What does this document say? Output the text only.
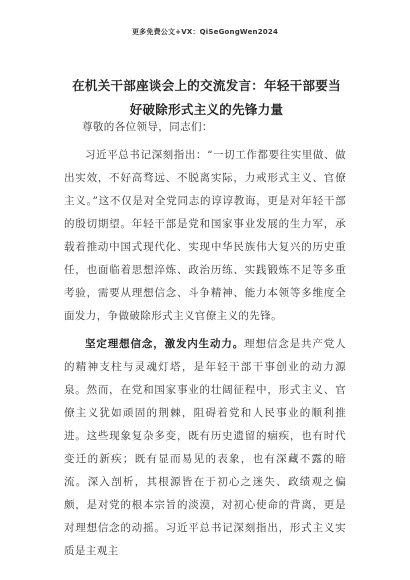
更多免费公文+VX：QiSeGongWen2024
在机关干部座谈会上的交流发言：年轻干部要当好破除形式主义的先锋力量

尊敬的各位领导，同志们：

习近平总书记深刻指出：“一切工作都要往实里做、做出实效，不好高骛远、不脱离实际，力戒形式主义、官僚主义。”这不仅是对全党同志的谆谆教诲，更是对年轻干部的殷切期望。年轻干部是党和国家事业发展的生力军，承载着推动中国式现代化、实现中华民族伟大复兴的历史重任，也面临着思想淬炼、政治历练、实践锻炼不足等多重考验，需要从理想信念、斗争精神、能力本领等多维度全面发力，争做破除形式主义官僚主义的先锋。

坚定理想信念，激发内生动力。理想信念是共产党人的精神支柱与灵魂灯塔，是年轻干部干事创业的动力源泉。然而，在党和国家事业的壮阔征程中，形式主义、官僚主义犹如顽固的荆棘，阻碍着党和人民事业的顺利推进。这些现象复杂多变，既有历史遗留的痼疾，也有时代变迁的新疾；既有显而易见的表象，也有深藏不露的暗流。深入剖析，其根源皆在于初心之迷失、政绩观之偏颇，是对党的根本宗旨的淡漠，对初心使命的背离，更是对理想信念的动摇。习近平总书记深刻指出，形式主义实质是主观主
